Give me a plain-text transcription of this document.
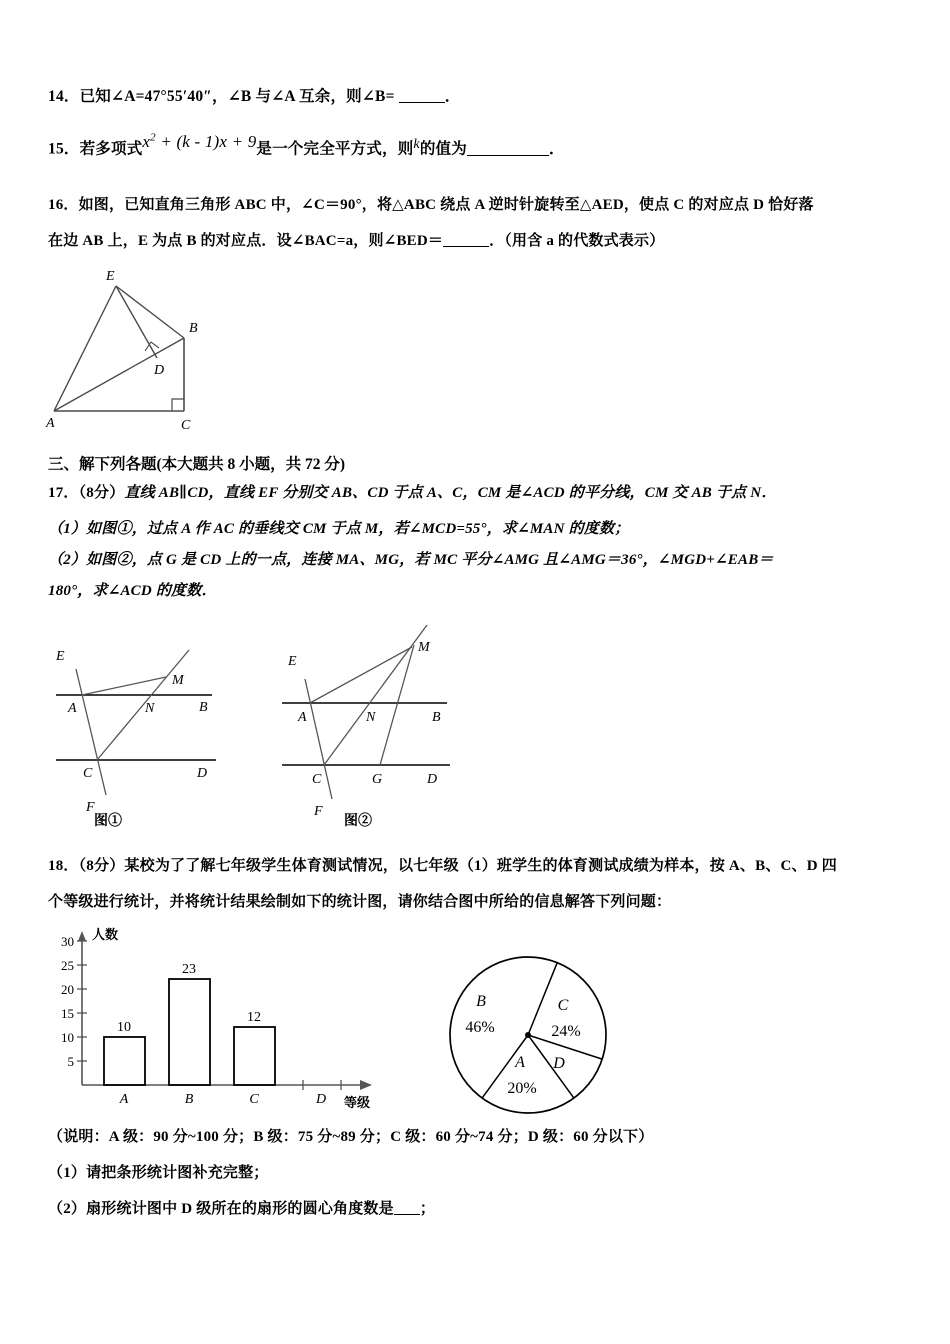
14．已知∠A=47°55′40″，∠B 与∠A 互余，则∠B=	．
15．若多项式$x^2 + (k - 1)x + 9$是一个完全平方式，则k的值为	．
16．如图，已知直角三角形 ABC 中，∠C＝90°，将△ABC 绕点 A 逆时针旋转至△AED，使点 C 的对应点 D 恰好落
在边 AB 上，E 为点 B 的对应点．设∠BAC=a，则∠BED＝	．（用含 a 的代数式表示）
E
B
D
A	C
三、解下列各题(本大题共 8 小题，共 72 分)
17．（8分）直线 AB∥CD，直线 EF 分别交 AB、CD 于点 A、C，CM 是∠ACD 的平分线，CM 交 AB 于点 N．
（1）如图①，过点 A 作 AC 的垂线交 CM 于点 M，若∠MCD=55°，求∠MAN 的度数；
（2）如图②，点 G 是 CD 上的一点，连接 MA、MG，若 MC 平分∠AMG 且∠AMG＝36°，∠MGD+∠EAB＝
180°，求∠ACD 的度数．
E
A
M
N	B
C	D
F
图①
E
A
M
N	B
C	G	D
F
图②
18．（8分）某校为了了解七年级学生体育测试情况，以七年级（1）班学生的体育测试成绩为样本，按 A、B、C、D 四
个等级进行统计，并将统计结果绘制如下的统计图，请你结合图中所给的信息解答下列问题：
5
10
15
20
25
30 人数
10
23
12
A	B	C	D 等级
B
46%
C
24%
A
20%
D
（说明：A 级：90 分~100 分；B 级：75 分~89 分；C 级：60 分~74 分；D 级：60 分以下）
（1）请把条形统计图补充完整；
（2）扇形统计图中 D 级所在的扇形的圆心角度数是 ；
